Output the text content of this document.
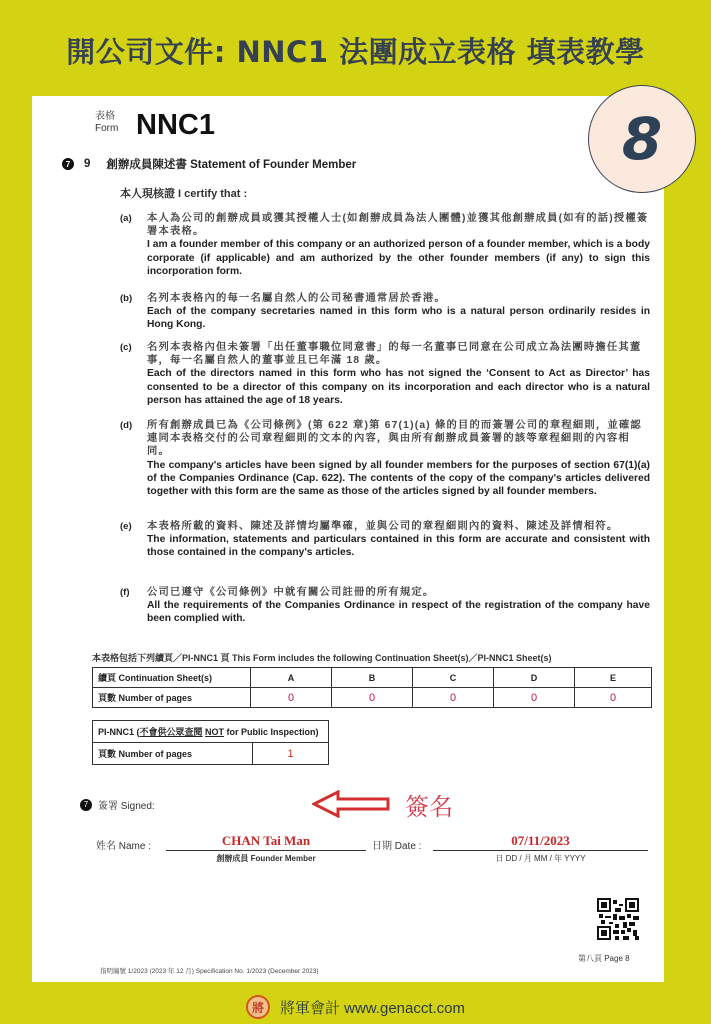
開公司文件: NNC1 法團成立表格 填表教學
8
表格
Form NNC1
7	9 創辦成員陳述書 Statement of Founder Member
本人現核證 I certify that :
(a) 本人為公司的創辦成員或獲其授權人士(如創辦成員為法人團體)並獲其他創辦成員(如有的話)授權簽署本表格。
I am a founder member of this company or an authorized person of a founder member, which is a body corporate (if applicable) and am authorized by the other founder members (if any) to sign this incorporation form.
(b) 名列本表格內的每一名屬自然人的公司秘書通常居於香港。
Each of the company secretaries named in this form who is a natural person ordinarily resides in Hong Kong.
(c) 名列本表格內但未簽署「出任董事職位同意書」的每一名董事已同意在公司成立為法團時擔任其董事，每一名屬自然人的董事並且已年滿 18 歲。
Each of the directors named in this form who has not signed the ‘Consent to Act as Director’ has consented to be a director of this company on its incorporation and each director who is a natural person has attained the age of 18 years.
(d) 所有創辦成員已為《公司條例》(第 622 章)第 67(1)(a) 條的目的而簽署公司的章程細則，並確認連同本表格交付的公司章程細則的文本的內容，與由所有創辦成員簽署的該等章程細則的內容相同。
The company's articles have been signed by all founder members for the purposes of section 67(1)(a) of the Companies Ordinance (Cap. 622). The contents of the copy of the company's articles delivered together with this form are the same as those of the articles signed by all founder members.
(e) 本表格所載的資料、陳述及詳情均屬準確，並與公司的章程細則內的資料、陳述及詳情相符。
The information, statements and particulars contained in this form are accurate and consistent with those contained in the company's articles.
(f) 公司已遵守《公司條例》中就有關公司註冊的所有規定。
All the requirements of the Companies Ordinance in respect of the registration of the company have been complied with.
本表格包括下列續頁／PI-NNC1 頁 This Form includes the following Continuation Sheet(s)／PI-NNC1 Sheet(s)
續頁 Continuation Sheet(s)	A	B	C	D	E
頁數 Number of pages	0	0	0	0	0
PI-NNC1 (不會供公眾查閱 NOT for Public Inspection)
頁數 Number of pages	1
7 簽署 Signed:	簽名
姓名 Name :	CHAN Tai Man
創辦成員 Founder Member
日期 Date :	07/11/2023
日 DD / 月 MM / 年 YYYY
第八頁 Page 8
指明編號 1/2023 (2023 年 12 月) Specification No. 1/2023 (December 2023)
將	將軍會計 www.genacct.com
